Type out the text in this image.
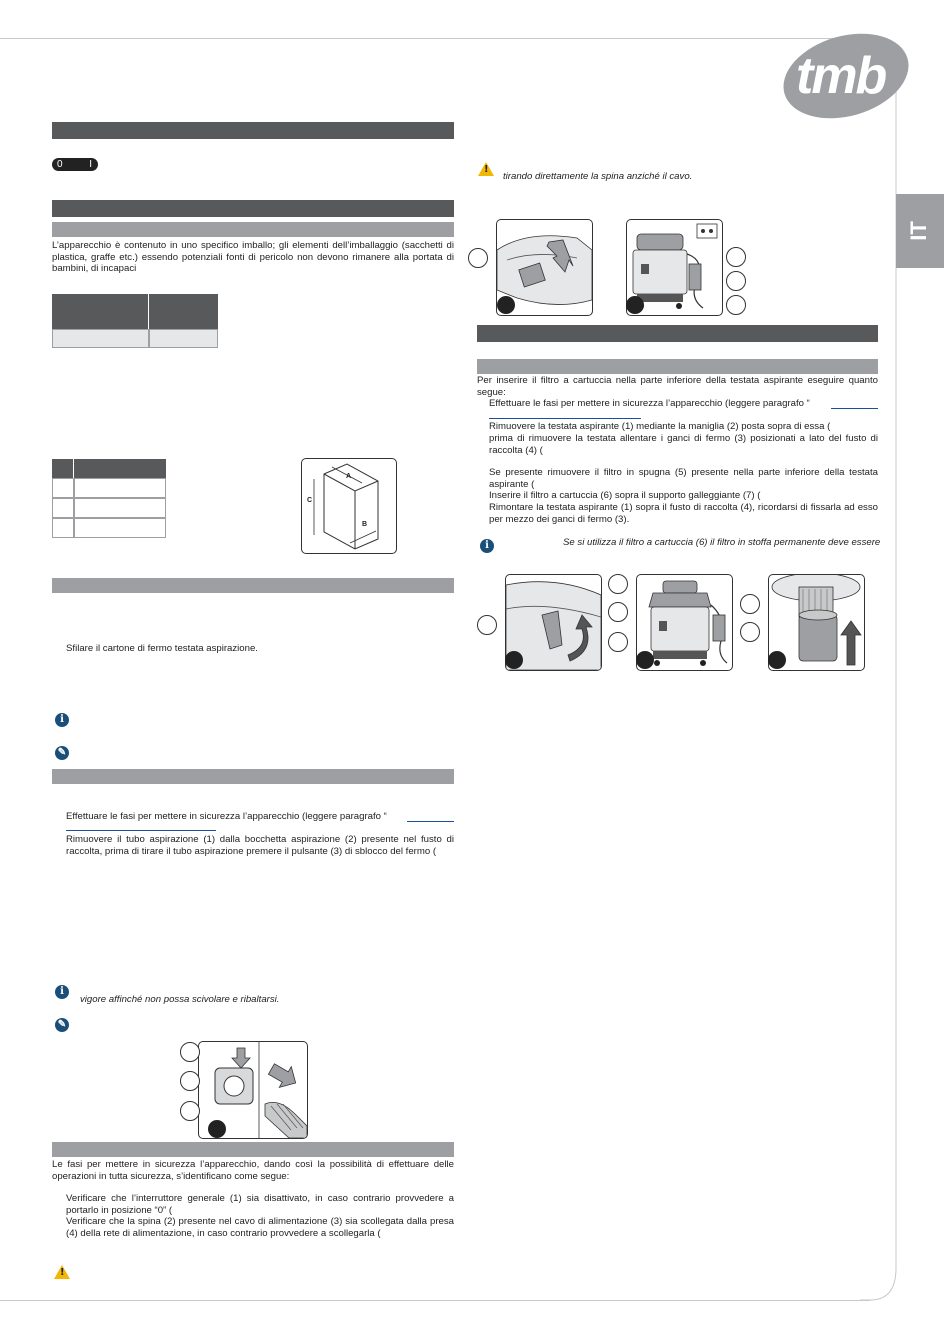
tmb
IT
0	I
L’apparecchio è contenuto in uno specifico imballo; gli elementi dell’imballaggio (sacchetti di plastica, graffe etc.) essendo potenziali fonti di pericolo non devono rimanere alla portata di bambini, di incapaci
A
C
B
Sfilare il cartone di fermo testata aspirazione.
i
✎
Effettuare le fasi per mettere in sicurezza l’apparecchio (leggere paragrafo “
Rimuovere il tubo aspirazione (1) dalla bocchetta aspirazione (2) presente nel fusto di raccolta, prima di tirare il tubo aspirazione premere il pulsante (3) di sblocco del fermo (
i
vigore affinché non possa scivolare e ribaltarsi.
✎
Le fasi per mettere in sicurezza l’apparecchio, dando così la possibilità di effettuare delle operazioni in tutta sicurezza, s’identificano come segue:
Verificare che l’interruttore generale (1) sia disattivato, in caso contrario provvedere a portarlo in posizione “0” (
Verificare che la spina (2) presente nel cavo di alimentazione (3) sia scollegata dalla presa (4) della rete di alimentazione, in caso contrario provvedere a scollegarla (
!
!
tirando direttamente la spina anziché il cavo.
Per inserire il filtro a cartuccia nella parte inferiore della testata aspirante eseguire quanto segue:
Effettuare le fasi per mettere in sicurezza l’apparecchio (leggere paragrafo “
Rimuovere la testata aspirante (1) mediante la maniglia (2) posta sopra di essa (
prima di rimuovere la testata allentare i ganci di fermo (3) posizionati a lato del fusto di raccolta (4) (
Se presente rimuovere il filtro in spugna (5) presente nella parte inferiore della testata aspirante (
Inserire il filtro a cartuccia (6) sopra il supporto galleggiante (7) (
Rimontare la testata aspirante (1) sopra il fusto di raccolta (4), ricordarsi di fissarla ad esso per mezzo dei ganci di fermo (3).
i	Se si utilizza il filtro a cartuccia (6) il filtro in stoffa permanente deve essere
